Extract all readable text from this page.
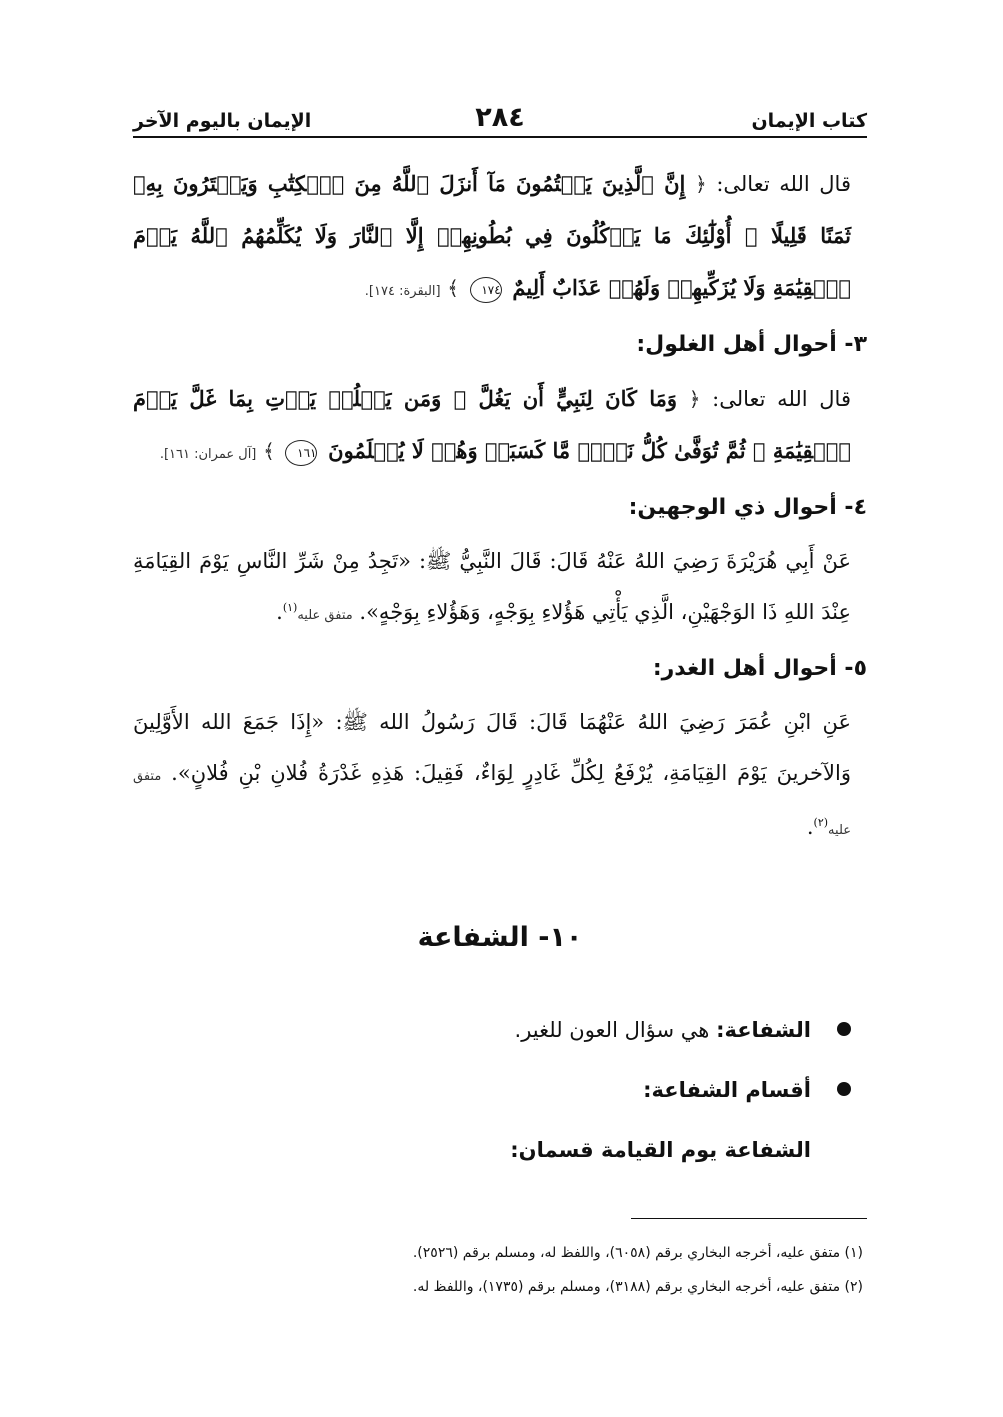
كتاب الإيمان
٢٨٤
الإيمان باليوم الآخر

قال الله تعالى: ﴿ إِنَّ ٱلَّذِينَ يَكۡتُمُونَ مَآ أَنزَلَ ٱللَّهُ مِنَ ٱلۡكِتَٰبِ وَيَشۡتَرُونَ بِهِۦ ثَمَنًا قَلِيلًا ۙ أُوْلَٰٓئِكَ مَا يَأۡكُلُونَ فِي بُطُونِهِمۡ إِلَّا ٱلنَّارَ وَلَا يُكَلِّمُهُمُ ٱللَّهُ يَوۡمَ ٱلۡقِيَٰمَةِ وَلَا يُزَكِّيهِمۡ وَلَهُمۡ عَذَابٌ أَلِيمٌ ١٧٤ ﴾ [البقرة: ١٧٤].

٣- أحوال أهل الغلول:

قال الله تعالى: ﴿ وَمَا كَانَ لِنَبِيٍّ أَن يَغُلَّ ۚ وَمَن يَغۡلُلۡ يَأۡتِ بِمَا غَلَّ يَوۡمَ ٱلۡقِيَٰمَةِ ۚ ثُمَّ تُوَفَّىٰ كُلُّ نَفۡسٖ مَّا كَسَبَتۡ وَهُمۡ لَا يُظۡلَمُونَ ١٦١ ﴾ [آل عمران: ١٦١].

٤- أحوال ذي الوجهين:

عَنْ أَبِي هُرَيْرَةَ رَضِيَ اللهُ عَنْهُ قَالَ: قَالَ النَّبِيُّ ﷺ: «تَجِدُ مِنْ شَرِّ النَّاسِ يَوْمَ القِيَامَةِ عِنْدَ اللهِ ذَا الوَجْهَيْنِ، الَّذِي يَأْتِي هَؤُلاءِ بِوَجْهٍ، وَهَؤُلاءِ بِوَجْهٍ». متفق عليه$^{(١)}$.

٥- أحوال أهل الغدر:

عَنِ ابْنِ عُمَرَ رَضِيَ اللهُ عَنْهُمَا قَالَ: قَالَ رَسُولُ الله ﷺ: «إِذَا جَمَعَ الله الأَوَّلِينَ وَالآخرينَ يَوْمَ القِيَامَةِ، يُرْفَعُ لِكُلِّ غَادِرٍ لِوَاءٌ، فَقِيلَ: هَذِهِ غَدْرَةُ فُلانِ بْنِ فُلانٍ». متفق عليه$^{(٢)}$.

١٠- الشفاعة
الشفاعة: هي سؤال العون للغير.
أقسام الشفاعة:
الشفاعة يوم القيامة قسمان:
(١) متفق عليه، أخرجه البخاري برقم (٦٠٥٨)، واللفظ له، ومسلم برقم (٢٥٢٦).
(٢) متفق عليه، أخرجه البخاري برقم (٣١٨٨)، ومسلم برقم (١٧٣٥)، واللفظ له.
